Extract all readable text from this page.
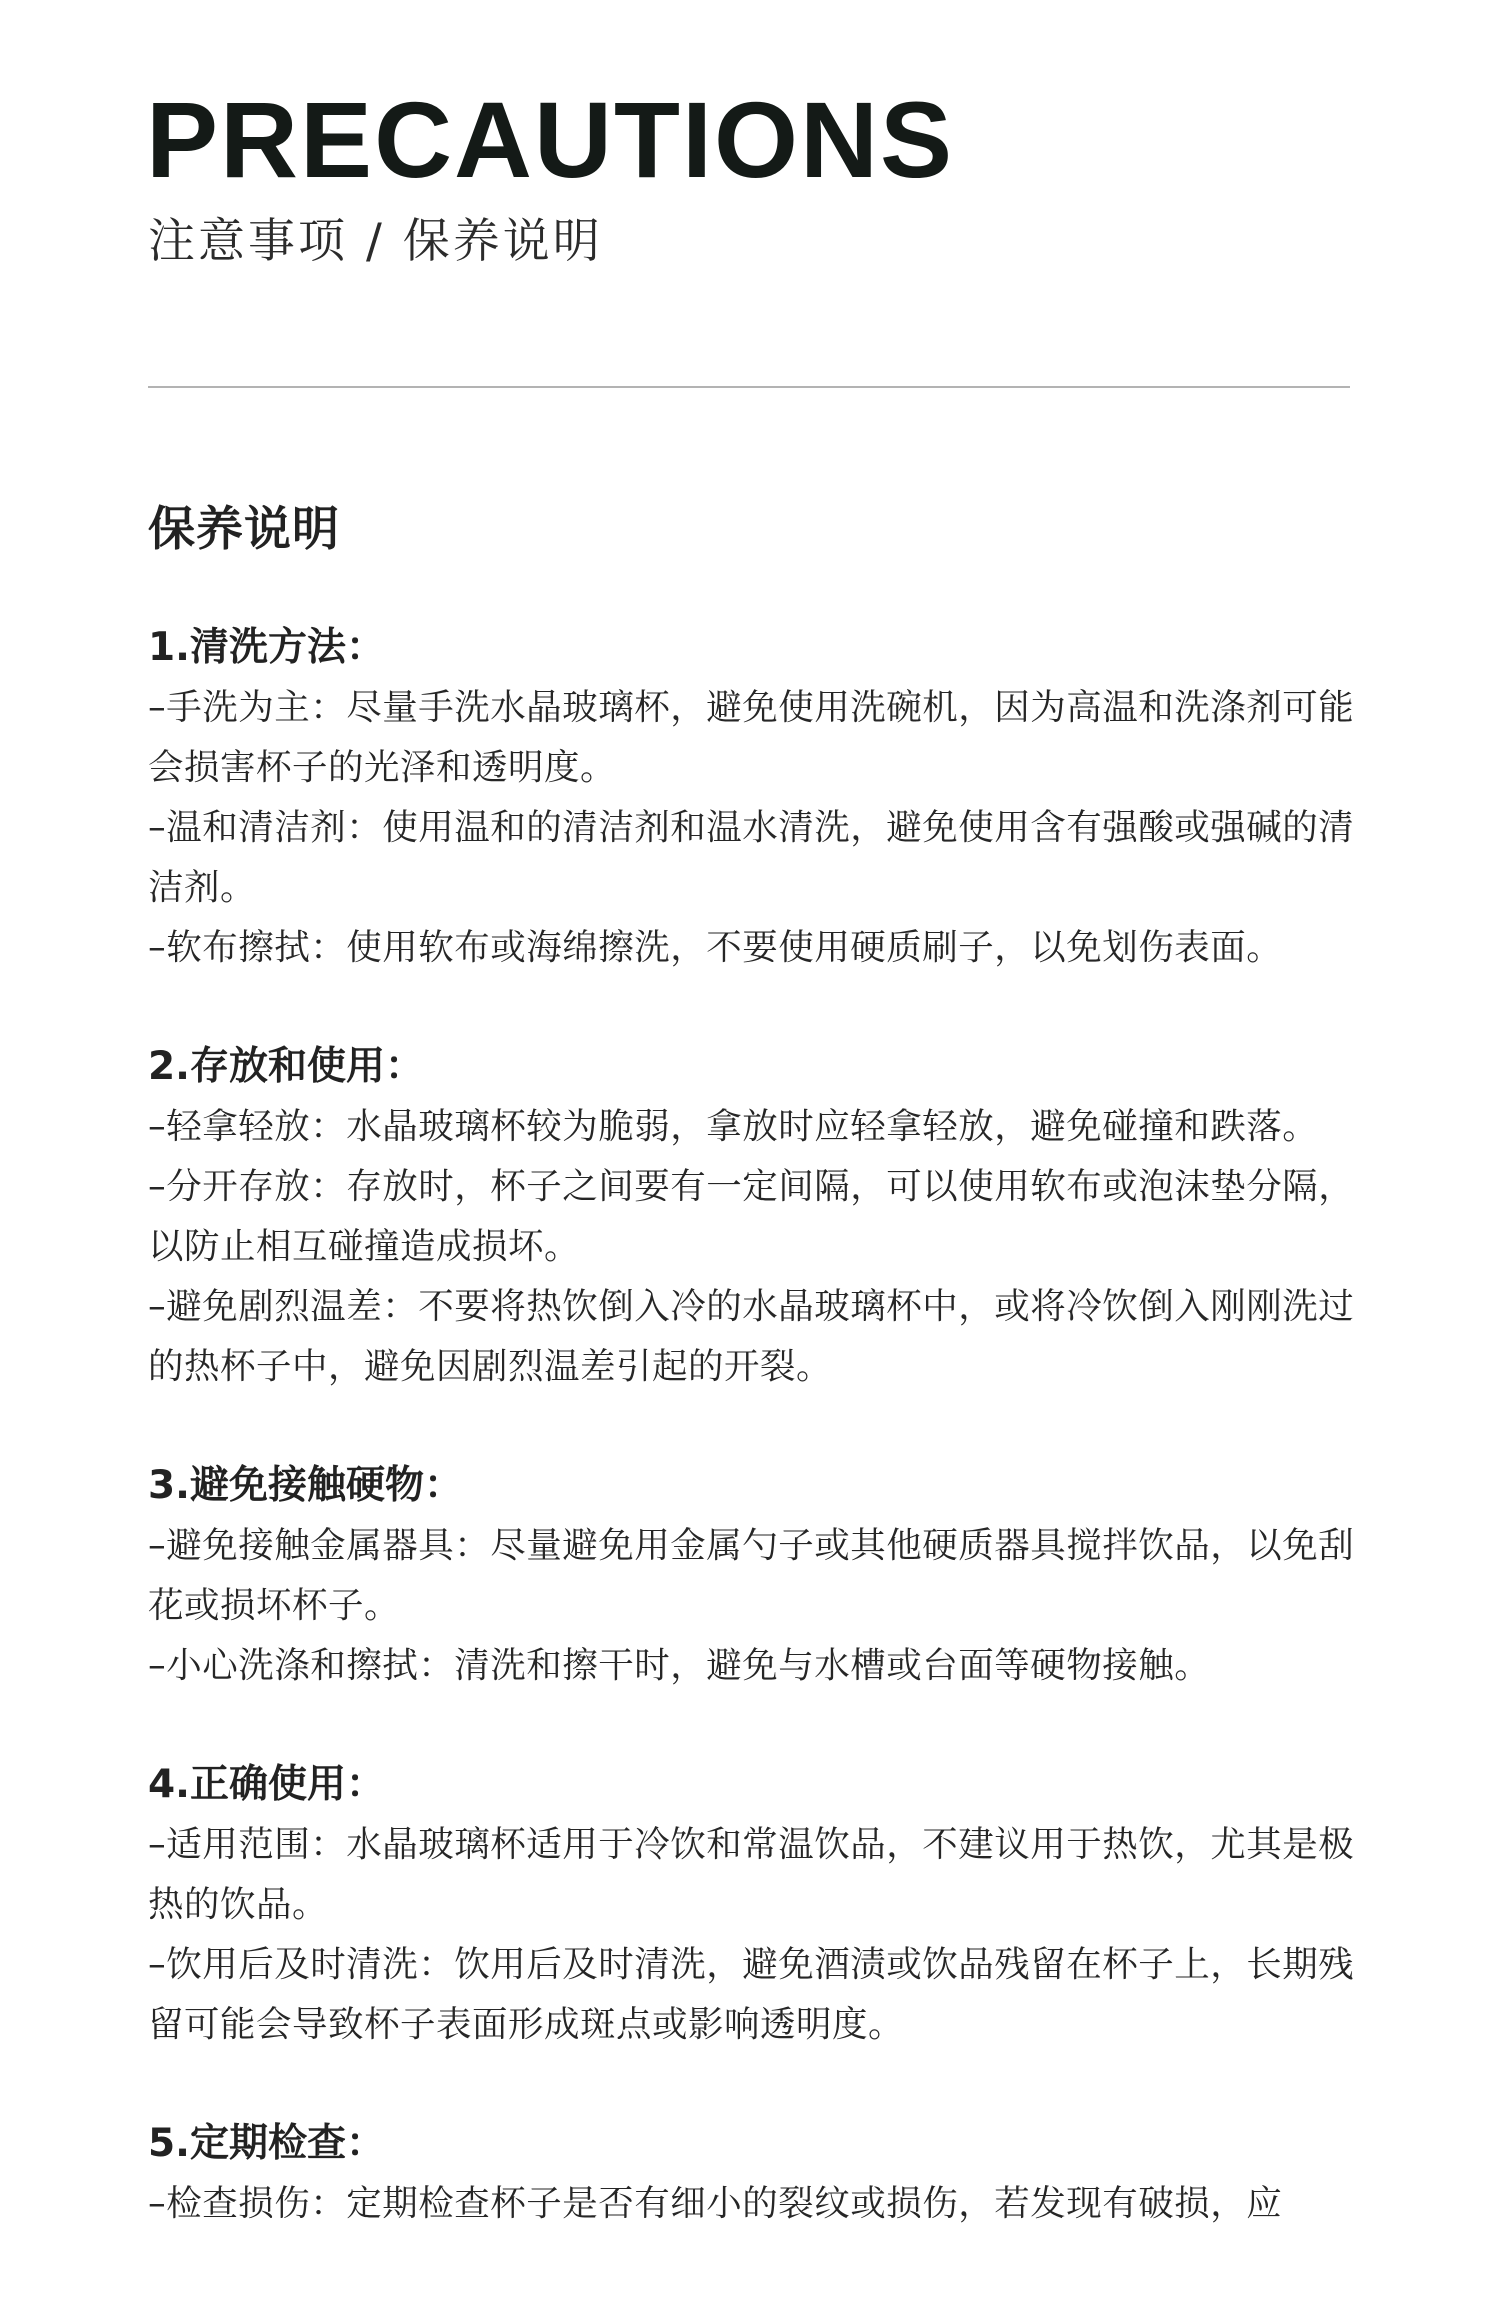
PRECAUTIONS

注意事项 / 保养说明

保养说明
1.清洗方法：

–手洗为主：尽量手洗水晶玻璃杯，避免使用洗碗机，因为高温和洗涤剂可能会损害杯子的光泽和透明度。

–温和清洁剂：使用温和的清洁剂和温水清洗，避免使用含有强酸或强碱的清洁剂。

–软布擦拭：使用软布或海绵擦洗，不要使用硬质刷子，以免划伤表面。

2.存放和使用：

–轻拿轻放：水晶玻璃杯较为脆弱，拿放时应轻拿轻放，避免碰撞和跌落。

–分开存放：存放时，杯子之间要有一定间隔，可以使用软布或泡沫垫分隔，以防止相互碰撞造成损坏。

–避免剧烈温差：不要将热饮倒入冷的水晶玻璃杯中，或将冷饮倒入刚刚洗过的热杯子中，避免因剧烈温差引起的开裂。

3.避免接触硬物：

–避免接触金属器具：尽量避免用金属勺子或其他硬质器具搅拌饮品，以免刮花或损坏杯子。

–小心洗涤和擦拭：清洗和擦干时，避免与水槽或台面等硬物接触。

4.正确使用：

–适用范围：水晶玻璃杯适用于冷饮和常温饮品，不建议用于热饮，尤其是极热的饮品。

–饮用后及时清洗：饮用后及时清洗，避免酒渍或饮品残留在杯子上，长期残留可能会导致杯子表面形成斑点或影响透明度。

5.定期检查：

–检查损伤：定期检查杯子是否有细小的裂纹或损伤，若发现有破损，应
